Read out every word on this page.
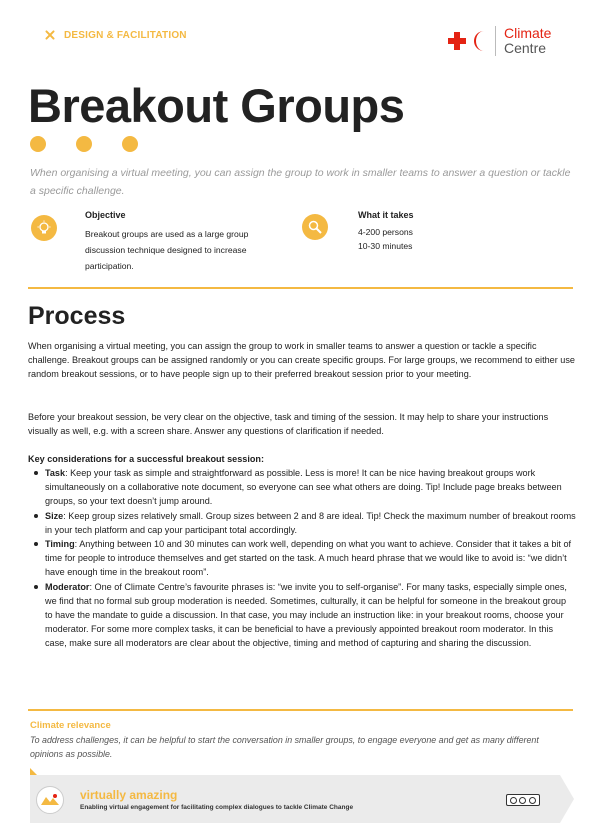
DESIGN & FACILITATION	Climate
Centre
Breakout Groups

When organising a virtual meeting, you can assign the group to work in smaller teams to answer a question or tackle a specific challenge.

Objective
Breakout groups are used as a large group discussion technique designed to increase participation.
What it takes
4-200 persons
10-30 minutes
Process

When organising a virtual meeting, you can assign the group to work in smaller teams to answer a question or tackle a specific challenge. Breakout groups can be assigned randomly or you can create specific groups. For large groups, we recommend to either use random breakout sessions, or to have people sign up to their preferred breakout session prior to your meeting.

Before your breakout session, be very clear on the objective, task and timing of the session. It may help to share your instructions visually as well, e.g. with a screen share. Answer any questions of clarification if needed.

Key considerations for a successful breakout session:
Task: Keep your task as simple and straightforward as possible. Less is more! It can be nice having breakout groups work simultaneously on a collaborative note document, so everyone can see what others are doing. Tip! Include page breaks between groups, so your text doesn’t jump around.
Size: Keep group sizes relatively small. Group sizes between 2 and 8 are ideal. Tip! Check the maximum number of breakout rooms in your tech platform and cap your participant total accordingly.
Timing: Anything between 10 and 30 minutes can work well, depending on what you want to achieve. Consider that it takes a bit of time for people to introduce themselves and get started on the task. A much heard phrase that we would like to avoid is: “we didn’t have enough time in the breakout room”.
Moderator: One of Climate Centre’s favourite phrases is: “we invite you to self-organise”. For many tasks, especially simple ones, we find that no formal sub group moderation is needed. Sometimes, culturally, it can be helpful for someone in the breakout group to have the mandate to guide a discussion. In that case, you may include an instruction like: in your breakout rooms, choose your moderator. For some more complex tasks, it can be beneficial to have a previously appointed breakout room moderator. In this case, make sure all moderators are clear about the objective, timing and method of capturing and sharing the discussion.
Climate relevance

To address challenges, it can be helpful to start the conversation in smaller groups, to engage everyone and get as many different opinions as possible.

virtually amazing
Enabling virtual engagement for facilitating complex dialogues to tackle Climate Change
